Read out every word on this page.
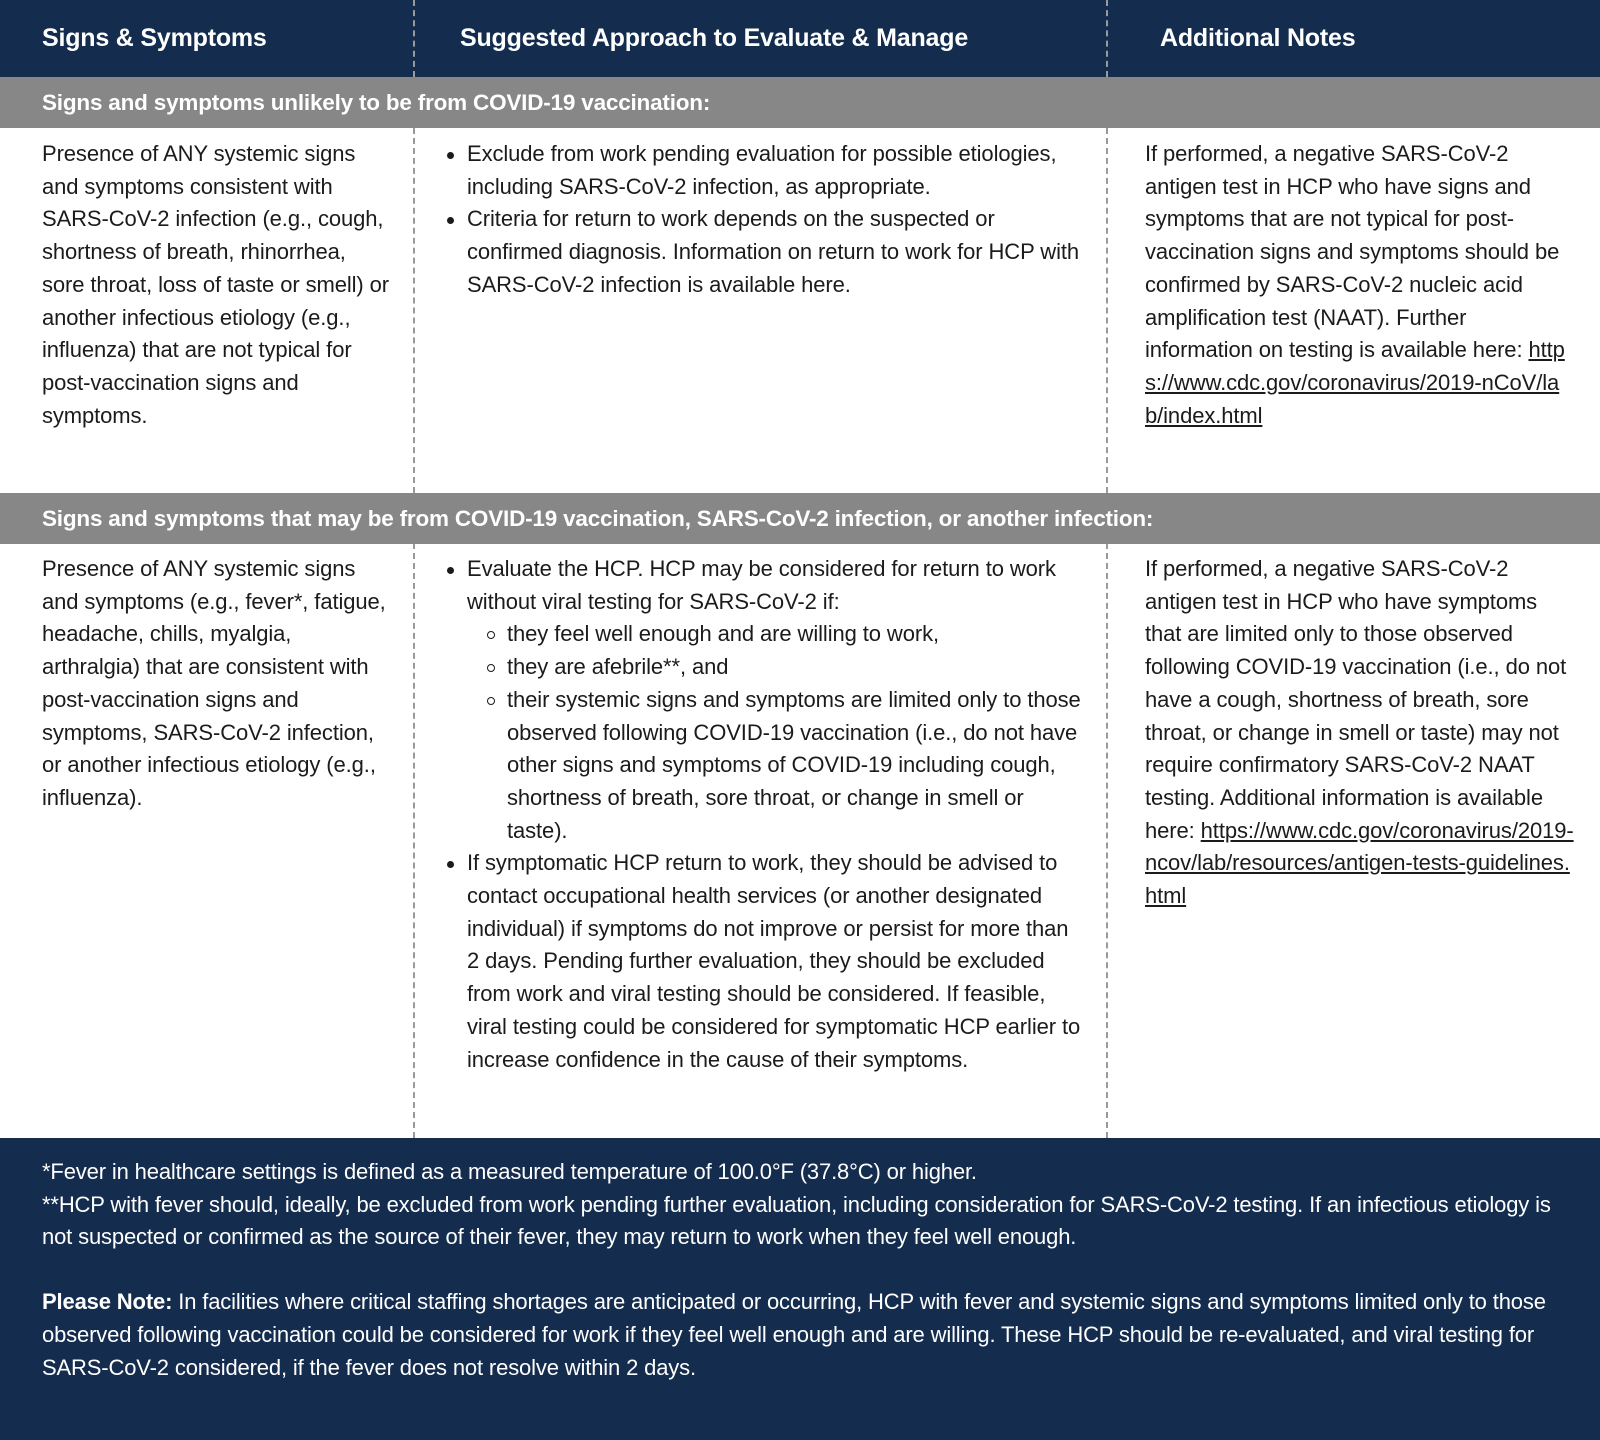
Signs & Symptoms	Suggested Approach to Evaluate & Manage	Additional Notes
Signs and symptoms unlikely to be from COVID-19 vaccination:
Presence of ANY systemic signs and symptoms consistent with SARS-CoV-2 infection (e.g., cough, shortness of breath, rhinorrhea, sore throat, loss of taste or smell) or another infectious etiology (e.g., influenza) that are not typical for post-vaccination signs and symptoms.
Exclude from work pending evaluation for possible etiologies, including SARS-CoV-2 infection, as appropriate.
Criteria for return to work depends on the suspected or confirmed diagnosis. Information on return to work for HCP with SARS-CoV-2 infection is available here.
If performed, a negative SARS-CoV-2 antigen test in HCP who have signs and symptoms that are not typical for post-vaccination signs and symptoms should be confirmed by SARS-CoV-2 nucleic acid amplification test (NAAT). Further information on testing is available here: https://www.cdc.gov/coronavirus/2019-nCoV/lab/index.html
Signs and symptoms that may be from COVID-19 vaccination, SARS-CoV-2 infection, or another infection:
Presence of ANY systemic signs and symptoms (e.g., fever*, fatigue, headache, chills, myalgia, arthralgia) that are consistent with post-vaccination signs and symptoms, SARS-CoV-2 infection, or another infectious etiology (e.g., influenza).
Evaluate the HCP. HCP may be considered for return to work without viral testing for SARS-CoV-2 if:
they feel well enough and are willing to work,
they are afebrile**, and
their systemic signs and symptoms are limited only to those observed following COVID-19 vaccination (i.e., do not have other signs and symptoms of COVID-19 including cough, shortness of breath, sore throat, or change in smell or taste).
If symptomatic HCP return to work, they should be advised to contact occupational health services (or another designated individual) if symptoms do not improve or persist for more than 2 days. Pending further evaluation, they should be excluded from work and viral testing should be considered. If feasible, viral testing could be considered for symptomatic HCP earlier to increase confidence in the cause of their symptoms.
If performed, a negative SARS-CoV-2 antigen test in HCP who have symptoms that are limited only to those observed following COVID-19 vaccination (i.e., do not have a cough, shortness of breath, sore throat, or change in smell or taste) may not require confirmatory SARS-CoV-2 NAAT testing. Additional information is available here: https://www.cdc.gov/coronavirus/2019-ncov/lab/resources/antigen-tests-guidelines.html

*Fever in healthcare settings is defined as a measured temperature of 100.0°F (37.8°C) or higher.

**HCP with fever should, ideally, be excluded from work pending further evaluation, including consideration for SARS-CoV-2 testing. If an infectious etiology is not suspected or confirmed as the source of their fever, they may return to work when they feel well enough.

Please Note: In facilities where critical staffing shortages are anticipated or occurring, HCP with fever and systemic signs and symptoms limited only to those observed following vaccination could be considered for work if they feel well enough and are willing. These HCP should be re-evaluated, and viral testing for SARS-CoV-2 considered, if the fever does not resolve within 2 days.
